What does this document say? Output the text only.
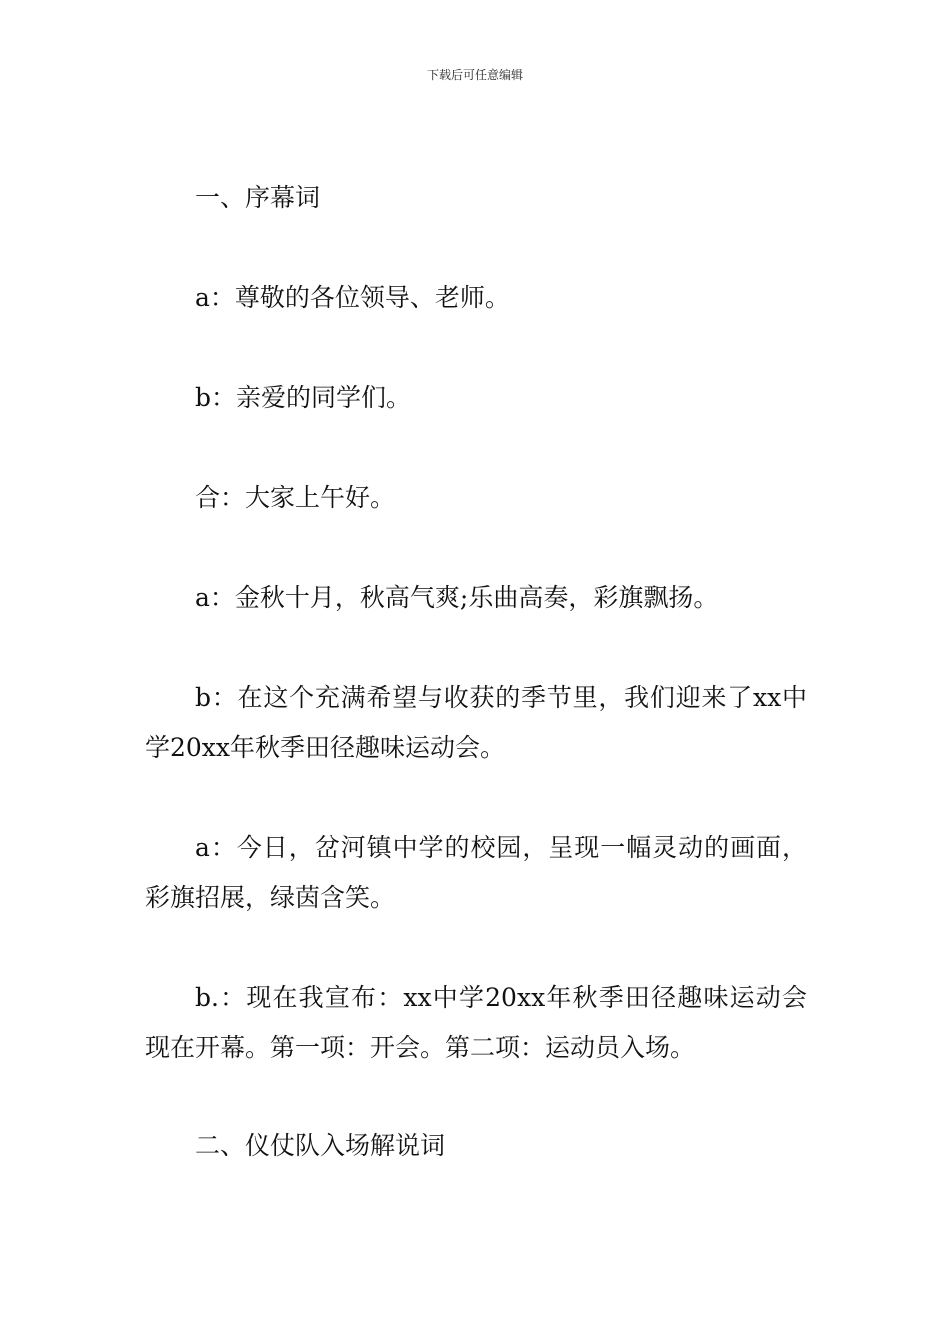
下载后可任意编辑

一、序幕词

a：尊敬的各位领导、老师。

b：亲爱的同学们。

合：大家上午好。

a：金秋十月，秋高气爽;乐曲高奏，彩旗飘扬。

b：在这个充满希望与收获的季节里，我们迎来了xx中学20xx年秋季田径趣味运动会。

a：今日，岔河镇中学的校园，呈现一幅灵动的画面，彩旗招展，绿茵含笑。

b.：现在我宣布：xx中学20xx年秋季田径趣味运动会现在开幕。第一项：开会。第二项：运动员入场。

二、仪仗队入场解说词
